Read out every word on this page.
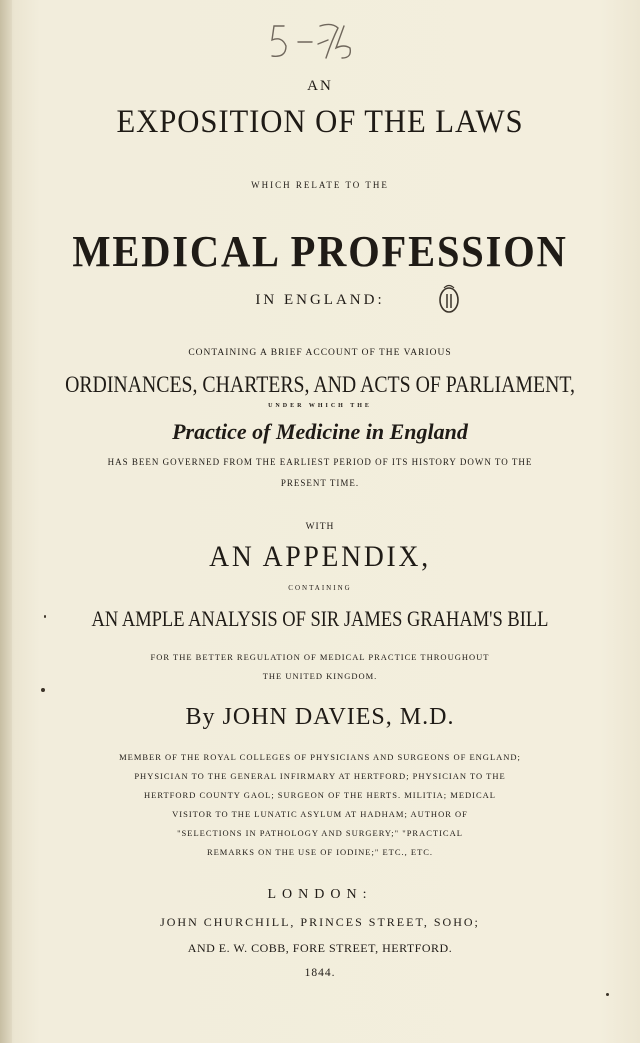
AN
EXPOSITION OF THE LAWS
WHICH RELATE TO THE
MEDICAL PROFESSION
IN ENGLAND:
CONTAINING A BRIEF ACCOUNT OF THE VARIOUS
ORDINANCES, CHARTERS, AND ACTS OF PARLIAMENT,
UNDER WHICH THE
Practice of Medicine in England
HAS BEEN GOVERNED FROM THE EARLIEST PERIOD OF ITS HISTORY DOWN TO THE
PRESENT TIME.
WITH
AN APPENDIX,
CONTAINING
AN AMPLE ANALYSIS OF SIR JAMES GRAHAM'S BILL
FOR THE BETTER REGULATION OF MEDICAL PRACTICE THROUGHOUT
THE UNITED KINGDOM.
By JOHN DAVIES, M.D.
MEMBER OF THE ROYAL COLLEGES OF PHYSICIANS AND SURGEONS OF ENGLAND;
PHYSICIAN TO THE GENERAL INFIRMARY AT HERTFORD; PHYSICIAN TO THE
HERTFORD COUNTY GAOL; SURGEON OF THE HERTS. MILITIA; MEDICAL
VISITOR TO THE LUNATIC ASYLUM AT HADHAM; AUTHOR OF
"SELECTIONS IN PATHOLOGY AND SURGERY;" "PRACTICAL
REMARKS ON THE USE OF IODINE;" ETC., ETC.
LONDON:
JOHN CHURCHILL, PRINCES STREET, SOHO;
AND E. W. COBB, FORE STREET, HERTFORD.
1844.
